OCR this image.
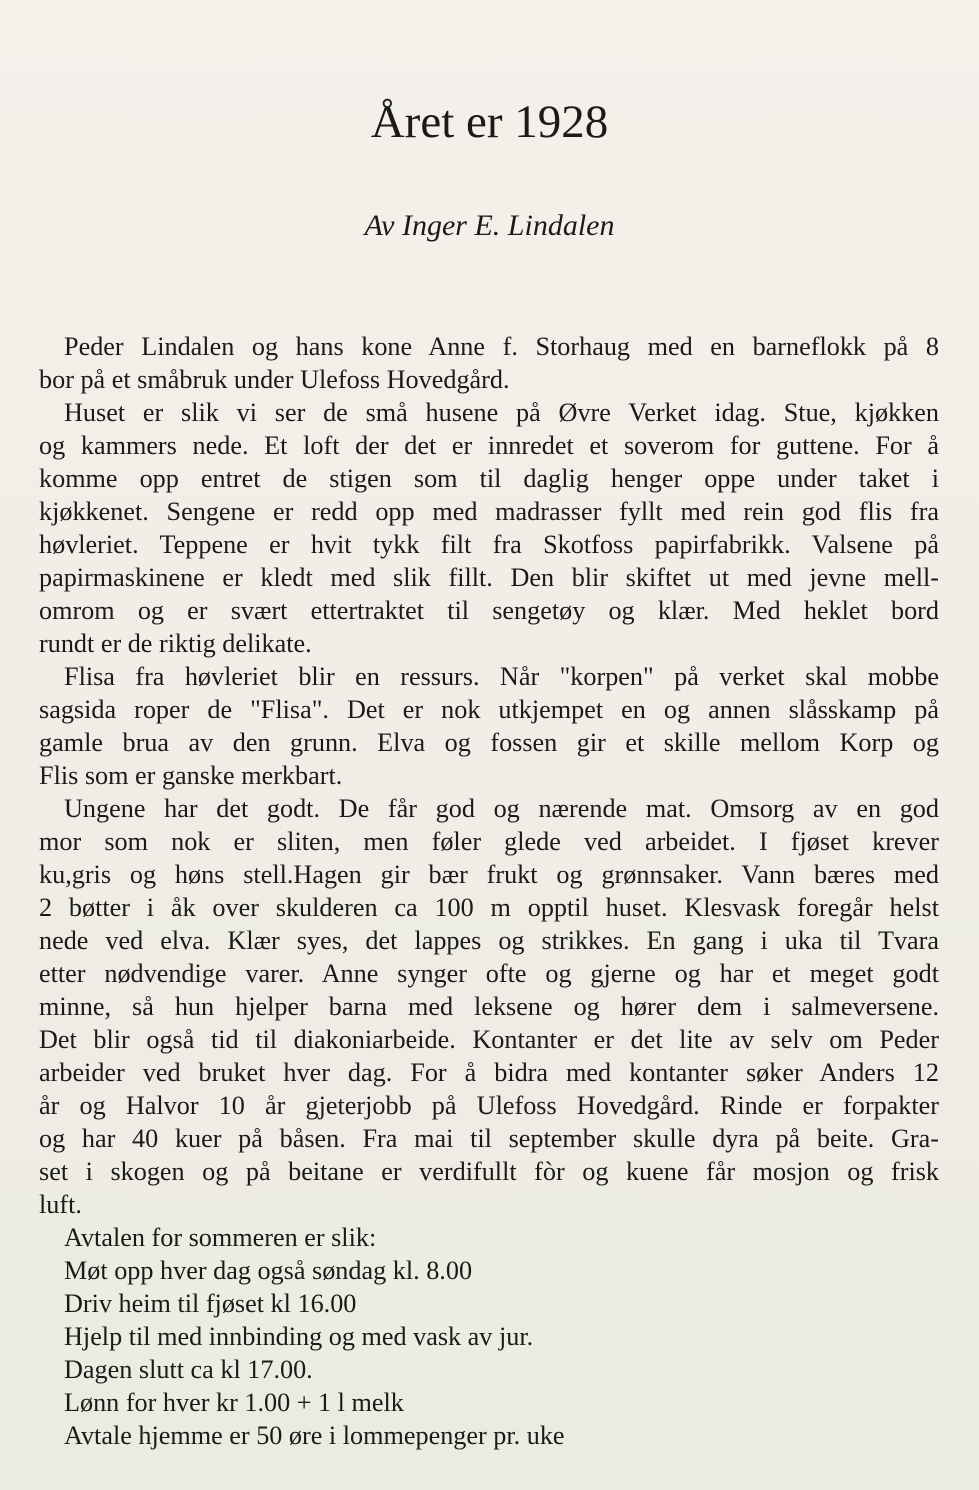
Året er 1928
Av Inger E. Lindalen
Peder Lindalen og hans kone Anne f. Storhaug med en barneflokk på 8
bor på et småbruk under Ulefoss Hovedgård.
Huset er slik vi ser de små husene på Øvre Verket idag. Stue, kjøkken
og kammers nede. Et loft der det er innredet et soverom for guttene. For å
komme opp entret de stigen som til daglig henger oppe under taket i
kjøkkenet. Sengene er redd opp med madrasser fyllt med rein god flis fra
høvleriet. Teppene er hvit tykk filt fra Skotfoss papirfabrikk. Valsene på
papirmaskinene er kledt med slik fillt. Den blir skiftet ut med jevne mell-
omrom og er svært ettertraktet til sengetøy og klær. Med heklet bord
rundt er de riktig delikate.
Flisa fra høvleriet blir en ressurs. Når "korpen" på verket skal mobbe
sagsida roper de "Flisa". Det er nok utkjempet en og annen slåsskamp på
gamle brua av den grunn. Elva og fossen gir et skille mellom Korp og
Flis som er ganske merkbart.
Ungene har det godt. De får god og nærende mat. Omsorg av en god
mor som nok er sliten, men føler glede ved arbeidet. I fjøset krever
ku,gris og høns stell.Hagen gir bær frukt og grønnsaker. Vann bæres med
2 bøtter i åk over skulderen ca 100 m opptil huset. Klesvask foregår helst
nede ved elva. Klær syes, det lappes og strikkes. En gang i uka til Tvara
etter nødvendige varer. Anne synger ofte og gjerne og har et meget godt
minne, så hun hjelper barna med leksene og hører dem i salmeversene.
Det blir også tid til diakoniarbeide. Kontanter er det lite av selv om Peder
arbeider ved bruket hver dag. For å bidra med kontanter søker Anders 12
år og Halvor 10 år gjeterjobb på Ulefoss Hovedgård. Rinde er forpakter
og har 40 kuer på båsen. Fra mai til september skulle dyra på beite. Gra-
set i skogen og på beitane er verdifullt fòr og kuene får mosjon og frisk
luft.
Avtalen for sommeren er slik:
Møt opp hver dag også søndag kl. 8.00
Driv heim til fjøset kl 16.00
Hjelp til med innbinding og med vask av jur.
Dagen slutt ca kl 17.00.
Lønn for hver kr 1.00 + 1 l melk
Avtale hjemme er 50 øre i lommepenger pr. uke
